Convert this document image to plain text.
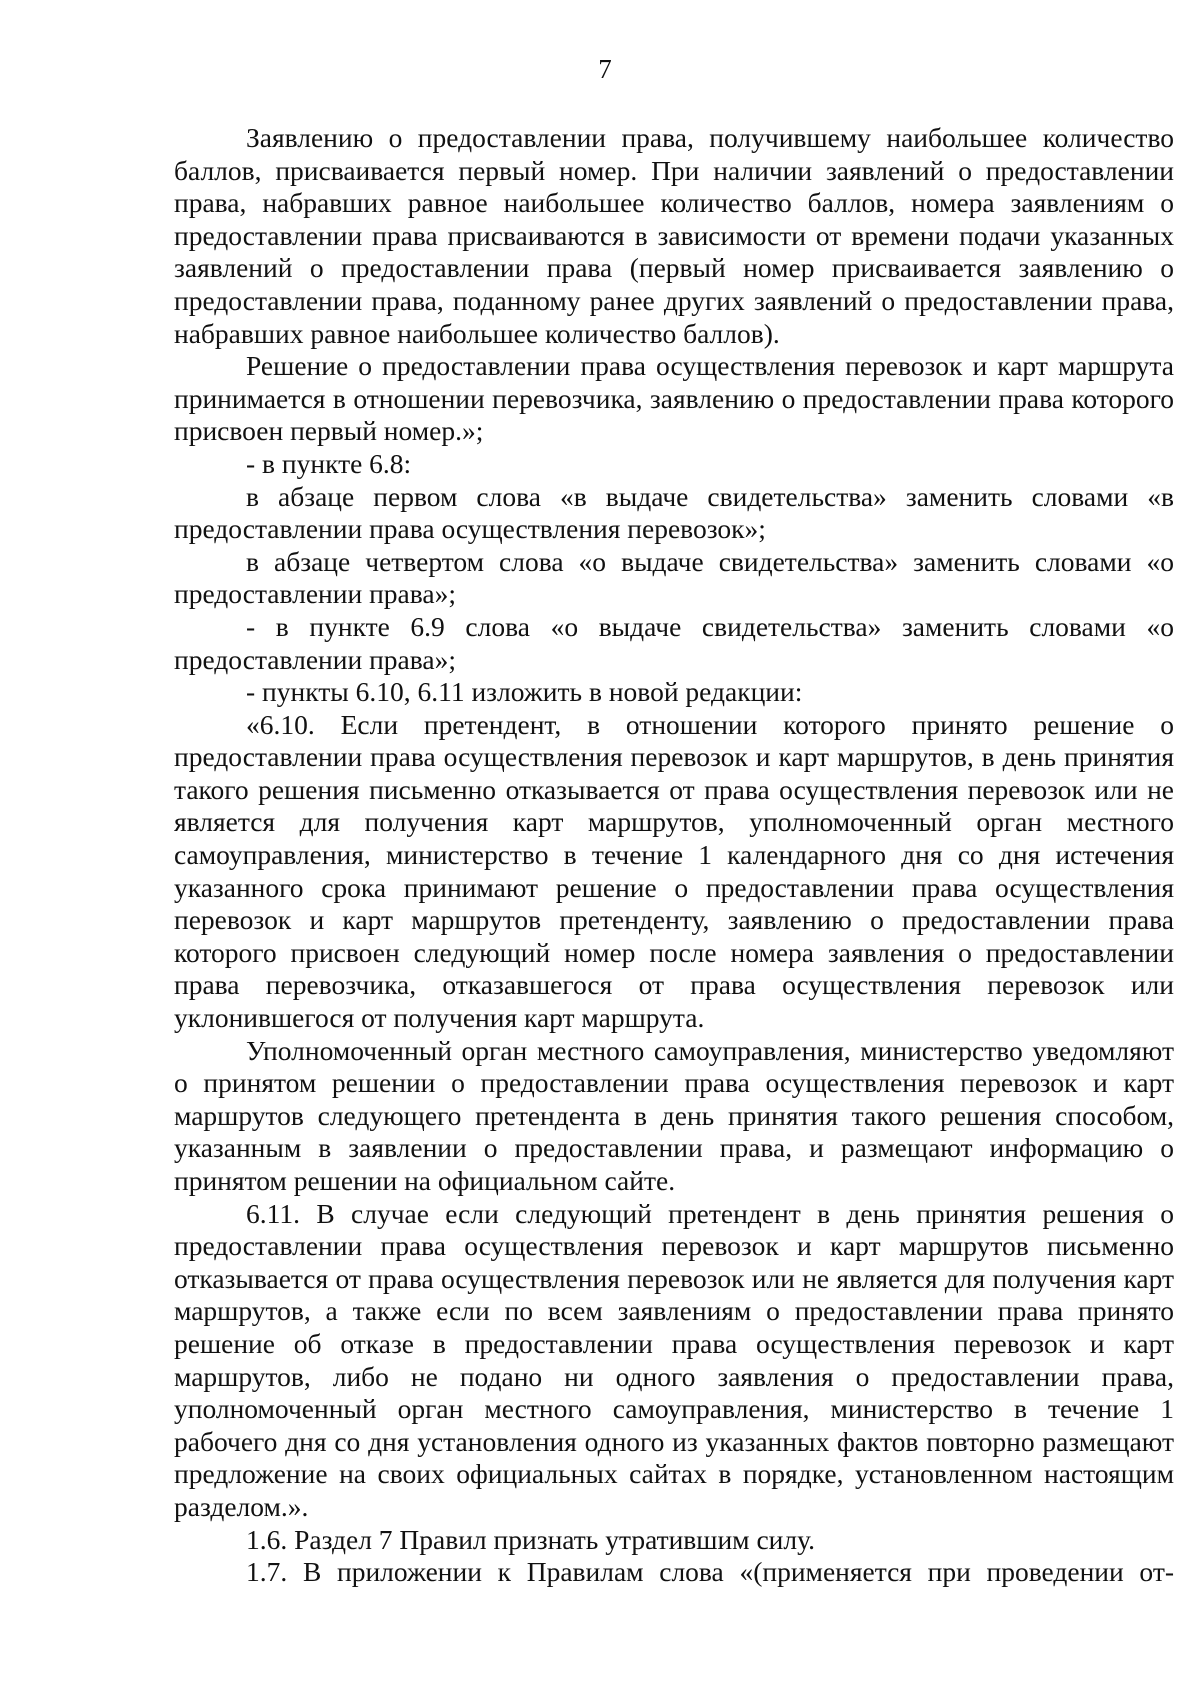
7

Заявлению о предоставлении права, получившему наибольшее количество баллов, присваивается первый номер. При наличии заявлений о предоставлении права, набравших равное наибольшее количество баллов, номера заявлениям о предоставлении права присваиваются в зависимости от времени подачи указанных заявлений о предоставлении права (первый номер присваивается заявлению о предоставлении права, поданному ранее других заявлений о предоставлении права, набравших равное наибольшее количество баллов).

Решение о предоставлении права осуществления перевозок и карт маршрута принимается в отношении перевозчика, заявлению о предоставлении права которого присвоен первый номер.»;

- в пункте 6.8:

в абзаце первом слова «в выдаче свидетельства» заменить словами «в предоставлении права осуществления перевозок»;

в абзаце четвертом слова «о выдаче свидетельства» заменить словами «о предоставлении права»;

- в пункте 6.9 слова «о выдаче свидетельства» заменить словами «о предоставлении права»;

- пункты 6.10, 6.11 изложить в новой редакции:

«6.10. Если претендент, в отношении которого принято решение о предоставлении права осуществления перевозок и карт маршрутов, в день принятия такого решения письменно отказывается от права осуществления перевозок или не является для получения карт маршрутов, уполномоченный орган местного самоуправления, министерство в течение 1 календарного дня со дня истечения указанного срока принимают решение о предоставлении права осуществления перевозок и карт маршрутов претенденту, заявлению о предоставлении права которого присвоен следующий номер после номера заявления о предоставлении права перевозчика, отказавшегося от права осуществления перевозок или уклонившегося от получения карт маршрута.

Уполномоченный орган местного самоуправления, министерство уведомляют о принятом решении о предоставлении права осуществления перевозок и карт маршрутов следующего претендента в день принятия такого решения способом, указанным в заявлении о предоставлении права, и размещают информацию о принятом решении на официальном сайте.

6.11. В случае если следующий претендент в день принятия решения о предоставлении права осуществления перевозок и карт маршрутов письменно отказывается от права осуществления перевозок или не является для получения карт маршрутов, а также если по всем заявлениям о предоставлении права принято решение об отказе в предоставлении права осуществления перевозок и карт маршрутов, либо не подано ни одного заявления о предоставлении права, уполномоченный орган местного самоуправления, министерство в течение 1 рабочего дня со дня установления одного из указанных фактов повторно размещают предложение на своих официальных сайтах в порядке, установленном настоящим разделом.».

1.6. Раздел 7 Правил признать утратившим силу.

1.7. В приложении к Правилам слова «(применяется при проведении от-
